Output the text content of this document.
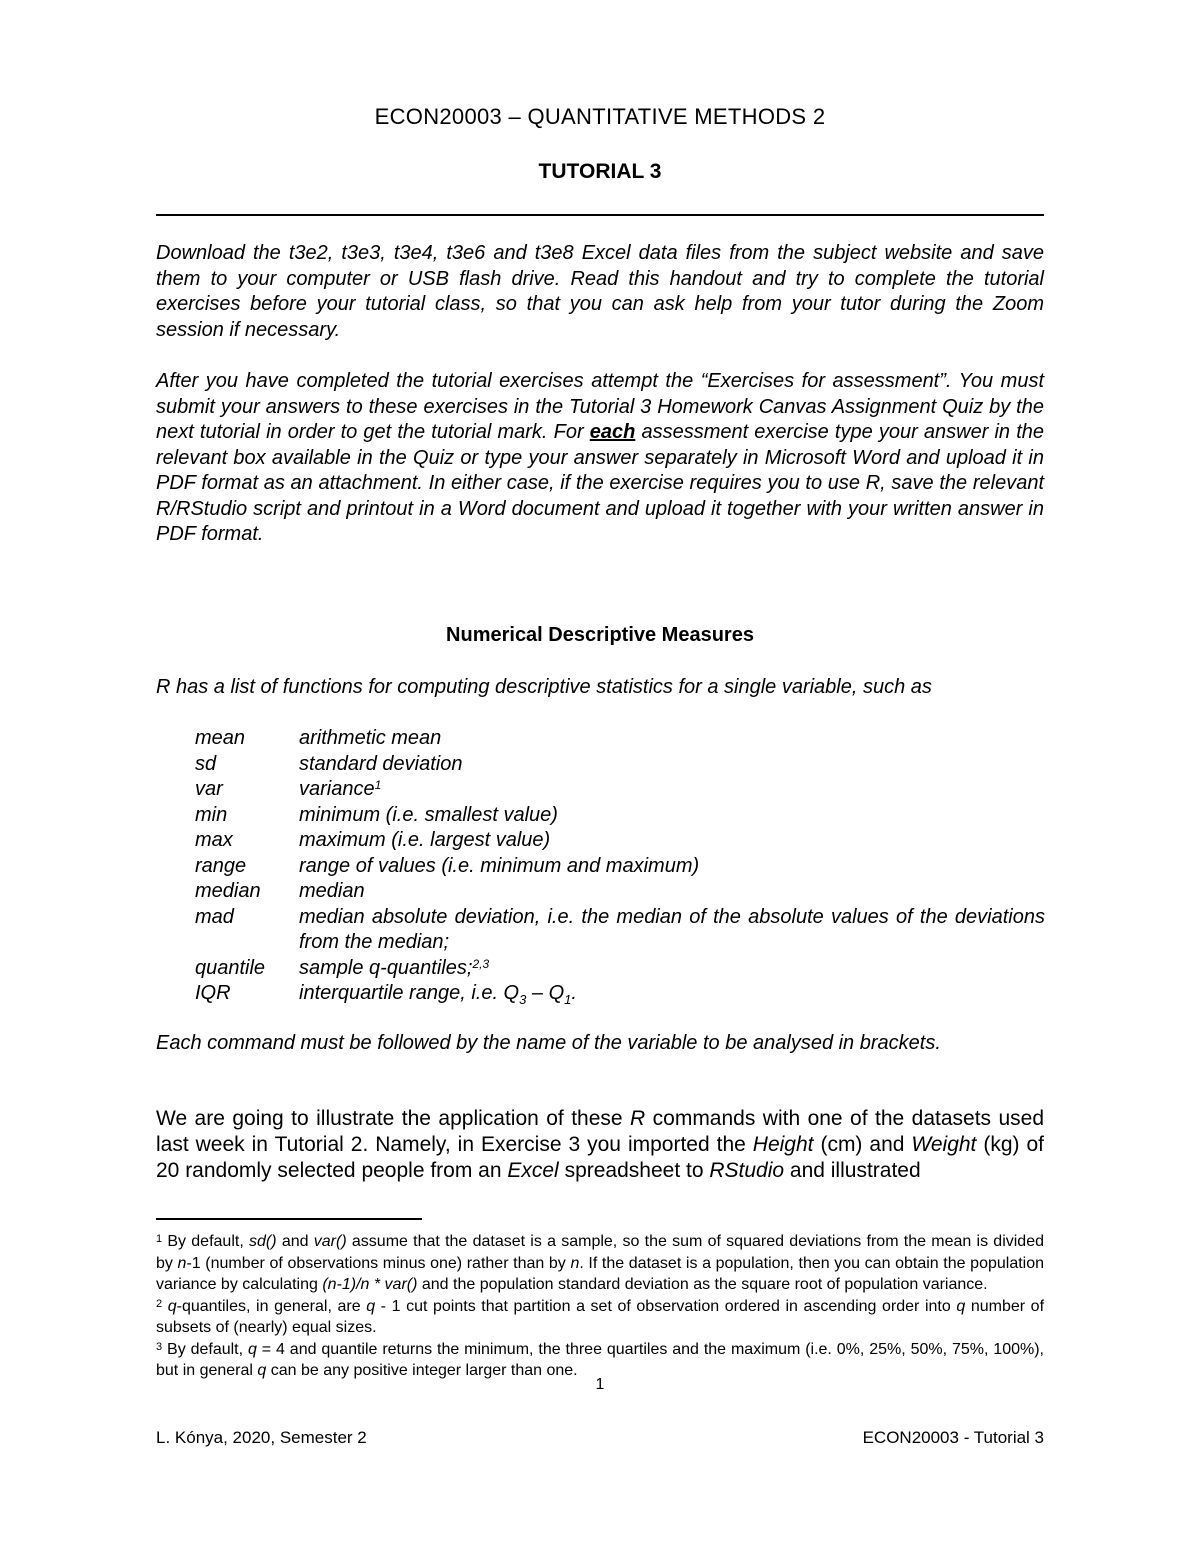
ECON20003 – QUANTITATIVE METHODS 2
TUTORIAL 3

Download the t3e2, t3e3, t3e4, t3e6 and t3e8 Excel data files from the subject website and save them to your computer or USB flash drive. Read this handout and try to complete the tutorial exercises before your tutorial class, so that you can ask help from your tutor during the Zoom session if necessary.

After you have completed the tutorial exercises attempt the “Exercises for assessment”. You must submit your answers to these exercises in the Tutorial 3 Homework Canvas Assignment Quiz by the next tutorial in order to get the tutorial mark. For each assessment exercise type your answer in the relevant box available in the Quiz or type your answer separately in Microsoft Word and upload it in PDF format as an attachment. In either case, if the exercise requires you to use R, save the relevant R/RStudio script and printout in a Word document and upload it together with your written answer in PDF format.

Numerical Descriptive Measures

R has a list of functions for computing descriptive statistics for a single variable, such as

mean	arithmetic mean
sd	standard deviation
var	variance$^1$
min	minimum (i.e. smallest value)
max	maximum (i.e. largest value)
range	range of values (i.e. minimum and maximum)
median	median
mad	median absolute deviation, i.e. the median of the absolute values of the deviations from the median;
quantile	sample q-quantiles;$^{2,3}$
IQR	interquartile range, i.e. $Q_3 - Q_1$.

Each command must be followed by the name of the variable to be analysed in brackets.

We are going to illustrate the application of these R commands with one of the datasets used last week in Tutorial 2. Namely, in Exercise 3 you imported the Height (cm) and Weight (kg) of 20 randomly selected people from an Excel spreadsheet to RStudio and illustrated

$^1$ By default, sd() and var() assume that the dataset is a sample, so the sum of squared deviations from the mean is divided by n-1 (number of observations minus one) rather than by n. If the dataset is a population, then you can obtain the population variance by calculating (n-1)/n * var() and the population standard deviation as the square root of population variance.

$^2$ q-quantiles, in general, are q - 1 cut points that partition a set of observation ordered in ascending order into q number of subsets of (nearly) equal sizes.

$^3$ By default, q = 4 and quantile returns the minimum, the three quartiles and the maximum (i.e. 0%, 25%, 50%, 75%, 100%), but in general q can be any positive integer larger than one.

1
L. Kónya, 2020, Semester 2	ECON20003 - Tutorial 3
